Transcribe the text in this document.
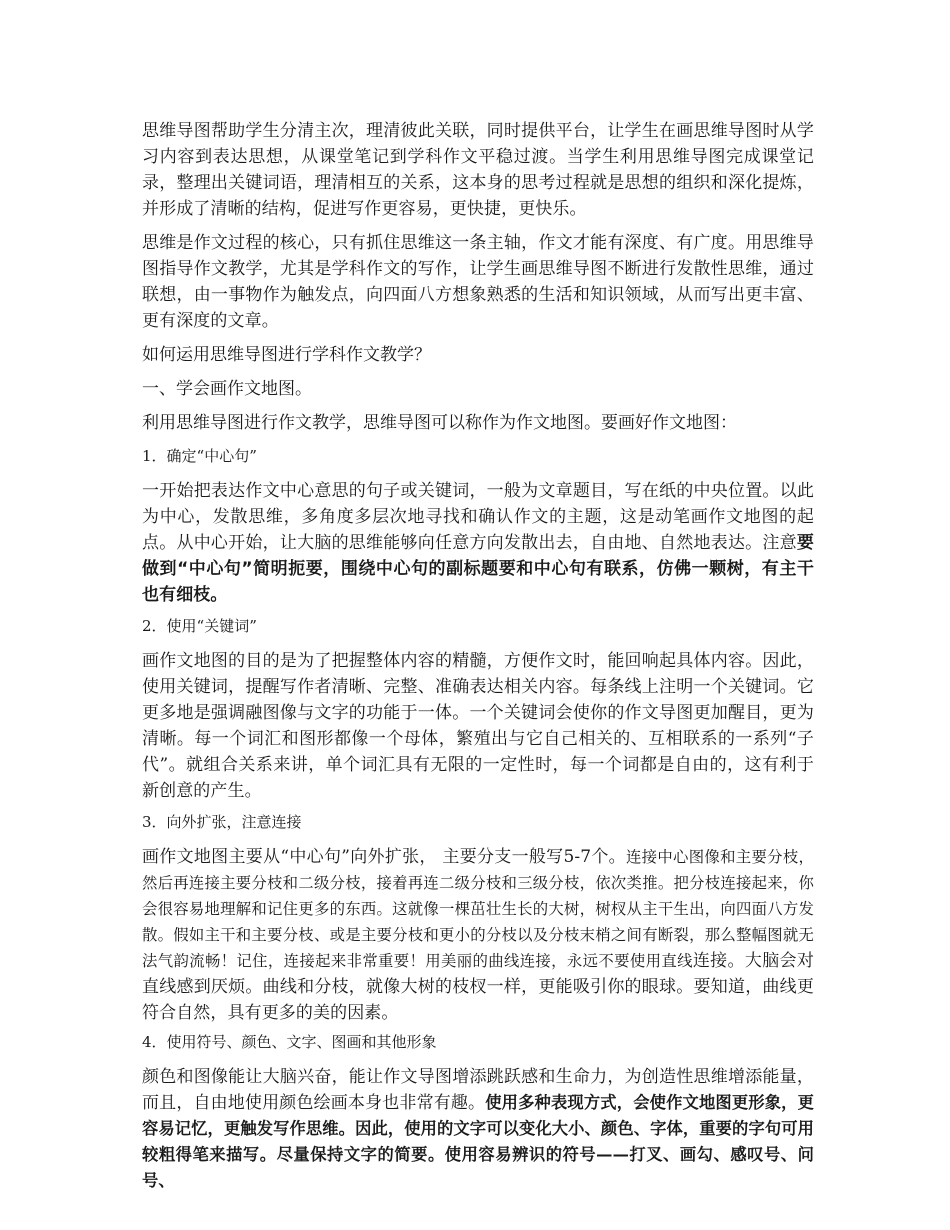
思维导图帮助学生分清主次，理清彼此关联，同时提供平台，让学生在画思维导图时从学习内容到表达思想，从课堂笔记到学科作文平稳过渡。当学生利用思维导图完成课堂记录，整理出关键词语，理清相互的关系，这本身的思考过程就是思想的组织和深化提炼，并形成了清晰的结构，促进写作更容易，更快捷，更快乐。

思维是作文过程的核心，只有抓住思维这一条主轴，作文才能有深度、有广度。用思维导图指导作文教学，尤其是学科作文的写作，让学生画思维导图不断进行发散性思维，通过联想，由一事物作为触发点，向四面八方想象熟悉的生活和知识领域，从而写出更丰富、更有深度的文章。

如何运用思维导图进行学科作文教学？

一、学会画作文地图。

利用思维导图进行作文教学，思维导图可以称作为作文地图。要画好作文地图：

1．确定“中心句”

一开始把表达作文中心意思的句子或关键词，一般为文章题目，写在纸的中央位置。以此为中心，发散思维，多角度多层次地寻找和确认作文的主题，这是动笔画作文地图的起点。从中心开始，让大脑的思维能够向任意方向发散出去，自由地、自然地表达。注意要做到“中心句”简明扼要，围绕中心句的副标题要和中心句有联系，仿佛一颗树，有主干也有细枝。

2．使用“关键词”

画作文地图的目的是为了把握整体内容的精髓，方便作文时，能回响起具体内容。因此，使用关键词，提醒写作者清晰、完整、准确表达相关内容。每条线上注明一个关键词。它更多地是强调融图像与文字的功能于一体。一个关键词会使你的作文导图更加醒目，更为清晰。每一个词汇和图形都像一个母体，繁殖出与它自己相关的、互相联系的一系列“子代”。就组合关系来讲，单个词汇具有无限的一定性时，每一个词都是自由的，这有利于新创意的产生。

3．向外扩张，注意连接

画作文地图主要从“中心句”向外扩张， 主要分支一般写5-7个。连接中心图像和主要分枝，然后再连接主要分枝和二级分枝，接着再连二级分枝和三级分枝，依次类推。把分枝连接起来，你会很容易地理解和记住更多的东西。这就像一棵茁壮生长的大树，树杈从主干生出，向四面八方发散。假如主干和主要分枝、或是主要分枝和更小的分枝以及分枝末梢之间有断裂，那么整幅图就无法气韵流畅！记住，连接起来非常重要！用美丽的曲线连接，永远不要使用直线连接。大脑会对直线感到厌烦。曲线和分枝，就像大树的枝杈一样，更能吸引你的眼球。要知道，曲线更符合自然，具有更多的美的因素。

4．使用符号、颜色、文字、图画和其他形象

颜色和图像能让大脑兴奋，能让作文导图增添跳跃感和生命力，为创造性思维增添能量，而且，自由地使用颜色绘画本身也非常有趣。使用多种表现方式，会使作文地图更形象，更容易记忆，更触发写作思维。因此，使用的文字可以变化大小、颜色、字体，重要的字句可用较粗得笔来描写。尽量保持文字的简要。使用容易辨识的符号——打叉、画勾、感叹号、问号、
